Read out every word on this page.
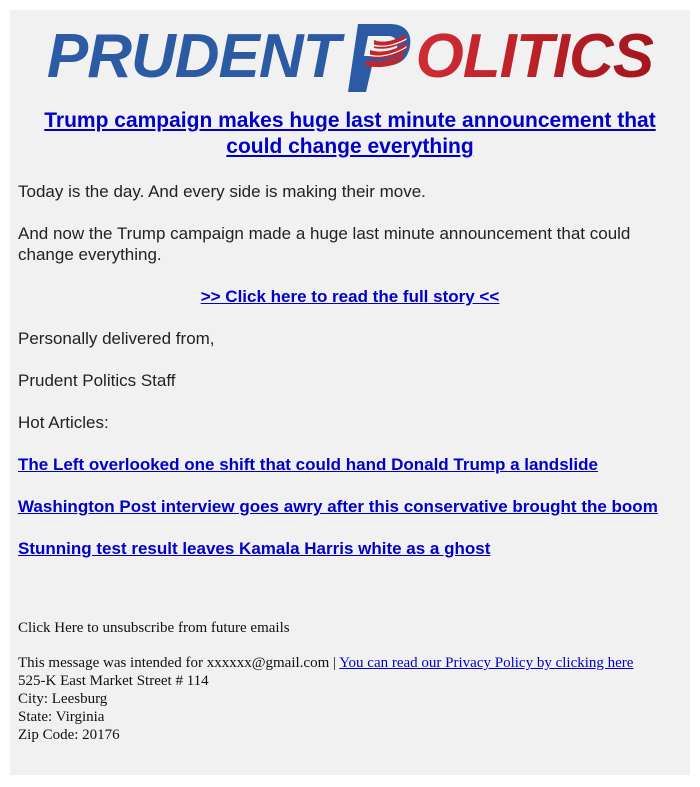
PRUDENT OLITICS
Trump campaign makes huge last minute announcement that could change everything

Today is the day. And every side is making their move.

And now the Trump campaign made a huge last minute announcement that could change everything.

>> Click here to read the full story <<

Personally delivered from,

Prudent Politics Staff

Hot Articles:

The Left overlooked one shift that could hand Donald Trump a landslide
Washington Post interview goes awry after this conservative brought the boom
Stunning test result leaves Kamala Harris white as a ghost
Click Here to unsubscribe from future emails
This message was intended for xxxxxx@gmail.com | You can read our Privacy Policy by clicking here
525-K East Market Street # 114
City: Leesburg
State: Virginia
Zip Code: 20176
